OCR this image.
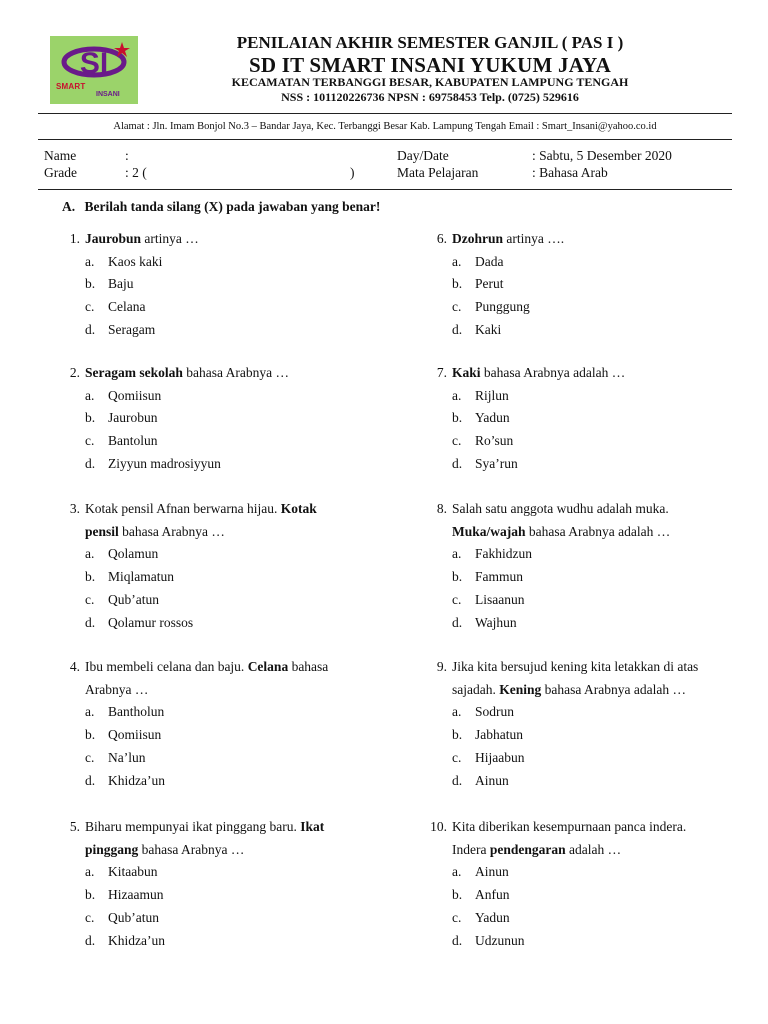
SI
SMART
INSANI
PENILAIAN AKHIR SEMESTER GANJIL ( PAS I )
SD IT SMART INSANI YUKUM JAYA
KECAMATAN TERBANGGI BESAR, KABUPATEN LAMPUNG TENGAH
NSS : 101120226736 NPSN : 69758453 Telp. (0725) 529616
Alamat : Jln. Imam Bonjol No.3 – Bandar Jaya, Kec. Terbanggi Besar Kab. Lampung Tengah Email : Smart_Insani@yahoo.co.id
Name	:
Grade	: 2 (	)
Day/Date	: Sabtu, 5 Desember 2020
Mata Pelajaran	: Bahasa Arab
A. Berilah tanda silang (X) pada jawaban yang benar!
1. Jaurobun artinya …
a. Kaos kaki
b. Baju
c. Celana
d. Seragam
2. Seragam sekolah bahasa Arabnya …
a. Qomiisun
b. Jaurobun
c. Bantolun
d. Ziyyun madrosiyyun
3. Kotak pensil Afnan berwarna hijau. Kotak
pensil bahasa Arabnya …
a. Qolamun
b. Miqlamatun
c. Qub’atun
d. Qolamur rossos
4. Ibu membeli celana dan baju. Celana bahasa
Arabnya …
a. Bantholun
b. Qomiisun
c. Na’lun
d. Khidza’un
5. Biharu mempunyai ikat pinggang baru. Ikat
pinggang bahasa Arabnya …
a. Kitaabun
b. Hizaamun
c. Qub’atun
d. Khidza’un
6. Dzohrun artinya ….
a. Dada
b. Perut
c. Punggung
d. Kaki
7. Kaki bahasa Arabnya adalah …
a. Rijlun
b. Yadun
c. Ro’sun
d. Sya’run
8. Salah satu anggota wudhu adalah muka.
Muka/wajah bahasa Arabnya adalah …
a. Fakhidzun
b. Fammun
c. Lisaanun
d. Wajhun
9. Jika kita bersujud kening kita letakkan di atas
sajadah. Kening bahasa Arabnya adalah …
a. Sodrun
b. Jabhatun
c. Hijaabun
d. Ainun
10. Kita diberikan kesempurnaan panca indera.
Indera pendengaran adalah …
a. Ainun
b. Anfun
c. Yadun
d. Udzunun
